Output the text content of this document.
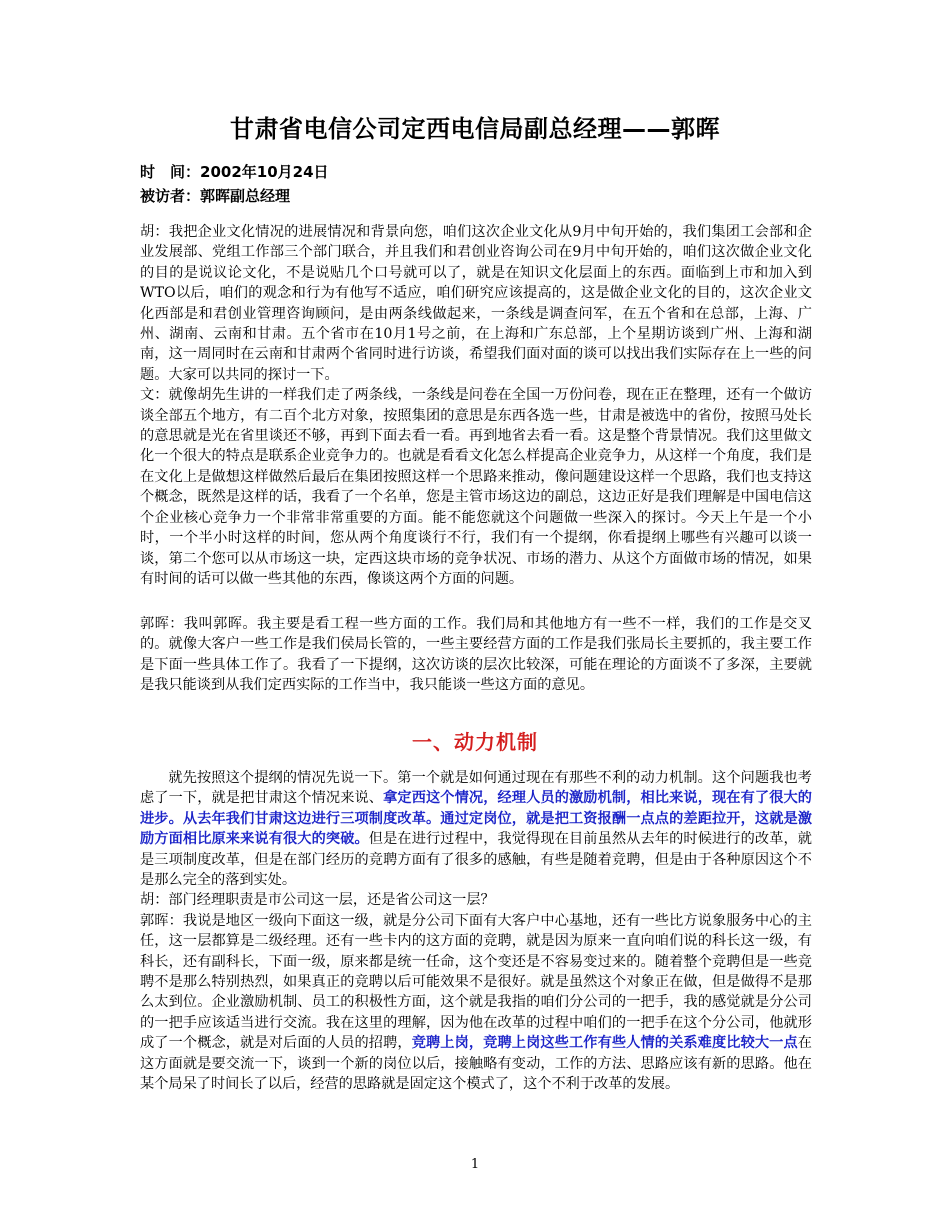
甘肃省电信公司定西电信局副总经理——郭晖
时　间：2002年10月24日
被访者：郭晖副总经理

胡：我把企业文化情况的进展情况和背景向您，咱们这次企业文化从9月中旬开始的，我们集团工会部和企业发展部、党组工作部三个部门联合，并且我们和君创业咨询公司在9月中旬开始的，咱们这次做企业文化的目的是说议论文化，不是说贴几个口号就可以了，就是在知识文化层面上的东西。面临到上市和加入到WTO以后，咱们的观念和行为有他写不适应，咱们研究应该提高的，这是做企业文化的目的，这次企业文化西部是和君创业管理咨询顾问，是由两条线做起来，一条线是调查问军，在五个省和在总部，上海、广州、湖南、云南和甘肃。五个省市在10月1号之前，在上海和广东总部，上个星期访谈到广州、上海和湖南，这一周同时在云南和甘肃两个省同时进行访谈，希望我们面对面的谈可以找出我们实际存在上一些的问题。大家可以共同的探讨一下。

文：就像胡先生讲的一样我们走了两条线，一条线是问卷在全国一万份问卷，现在正在整理，还有一个做访谈全部五个地方，有二百个北方对象，按照集团的意思是东西各选一些，甘肃是被选中的省份，按照马处长的意思就是光在省里谈还不够，再到下面去看一看。再到地省去看一看。这是整个背景情况。我们这里做文化一个很大的特点是联系企业竞争力的。也就是看看文化怎么样提高企业竞争力，从这样一个角度，我们是在文化上是做想这样做然后最后在集团按照这样一个思路来推动，像问题建设这样一个思路，我们也支持这个概念，既然是这样的话，我看了一个名单，您是主管市场这边的副总，这边正好是我们理解是中国电信这个企业核心竞争力一个非常非常重要的方面。能不能您就这个问题做一些深入的探讨。今天上午是一个小时，一个半小时这样的时间，您从两个角度谈行不行，我们有一个提纲，你看提纲上哪些有兴趣可以谈一谈，第二个您可以从市场这一块，定西这块市场的竞争状况、市场的潜力、从这个方面做市场的情况，如果有时间的话可以做一些其他的东西，像谈这两个方面的问题。

郭晖：我叫郭晖。我主要是看工程一些方面的工作。我们局和其他地方有一些不一样，我们的工作是交叉的。就像大客户一些工作是我们侯局长管的，一些主要经营方面的工作是我们张局长主要抓的，我主要工作是下面一些具体工作了。我看了一下提纲，这次访谈的层次比较深，可能在理论的方面谈不了多深，主要就是我只能谈到从我们定西实际的工作当中，我只能谈一些这方面的意见。

一、动力机制

就先按照这个提纲的情况先说一下。第一个就是如何通过现在有那些不利的动力机制。这个问题我也考虑了一下，就是把甘肃这个情况来说、拿定西这个情况，经理人员的激励机制，相比来说，现在有了很大的进步。从去年我们甘肃这边进行三项制度改革。通过定岗位，就是把工资报酬一点点的差距拉开，这就是激励方面相比原来来说有很大的突破。但是在进行过程中，我觉得现在目前虽然从去年的时候进行的改革，就是三项制度改革，但是在部门经历的竞聘方面有了很多的感触，有些是随着竞聘，但是由于各种原因这个不是那么完全的落到实处。

胡：部门经理职责是市公司这一层，还是省公司这一层？

郭晖：我说是地区一级向下面这一级，就是分公司下面有大客户中心基地，还有一些比方说象服务中心的主任，这一层都算是二级经理。还有一些卡内的这方面的竞聘，就是因为原来一直向咱们说的科长这一级，有科长，还有副科长，下面一级，原来都是统一任命，这个变还是不容易变过来的。随着整个竞聘但是一些竞聘不是那么特别热烈，如果真正的竞聘以后可能效果不是很好。就是虽然这个对象正在做，但是做得不是那么太到位。企业激励机制、员工的积极性方面，这个就是我指的咱们分公司的一把手，我的感觉就是分公司的一把手应该适当进行交流。我在这里的理解，因为他在改革的过程中咱们的一把手在这个分公司，他就形成了一个概念，就是对后面的人员的招聘，竞聘上岗，竞聘上岗这些工作有些人情的关系难度比较大一点在这方面就是要交流一下，谈到一个新的岗位以后，接触略有变动，工作的方法、思路应该有新的思路。他在某个局呆了时间长了以后，经营的思路就是固定这个模式了，这个不利于改革的发展。

1
